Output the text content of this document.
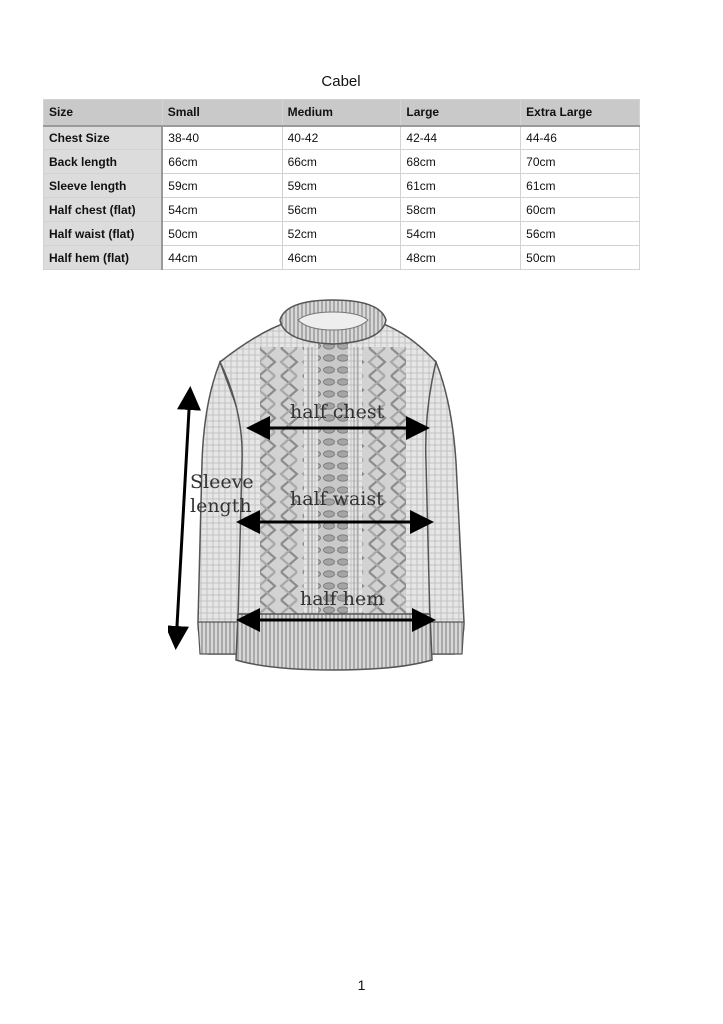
Cabel
Size	Small	Medium	Large	Extra Large
Chest Size	38-40	40-42	42-44	44-46
Back length	66cm	66cm	68cm	70cm
Sleeve length	59cm	59cm	61cm	61cm
Half chest (flat)	54cm	56cm	58cm	60cm
Half waist (flat)	50cm	52cm	54cm	56cm
Half hem (flat)	44cm	46cm	48cm	50cm
half chest
half waist
half hem
Sleeve
length
1
